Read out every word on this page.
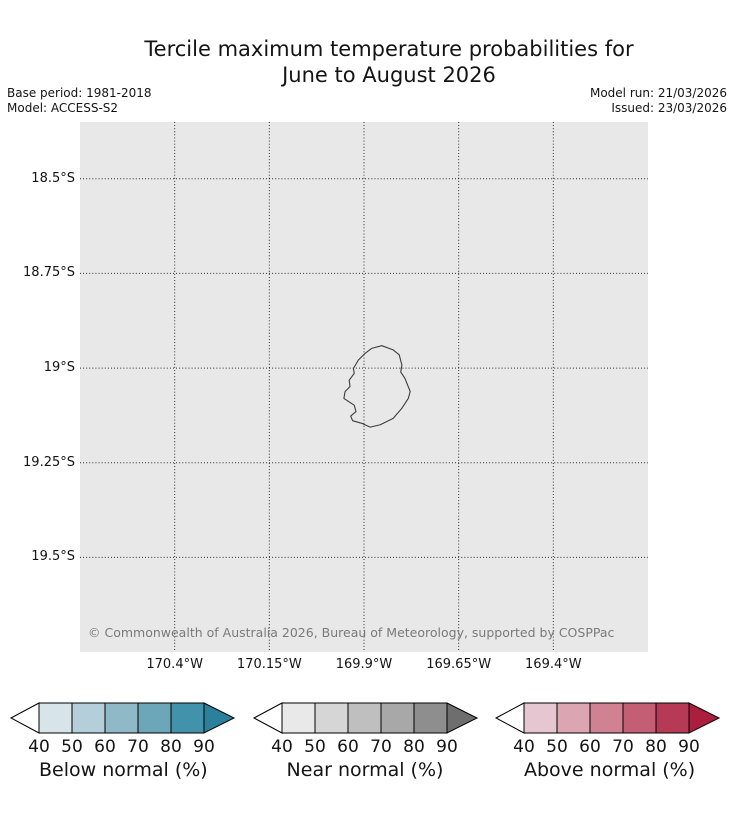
Tercile maximum temperature probabilities for
June to August 2026
Base period: 1981-2018
Model: ACCESS-S2
Model run: 21/03/2026
Issued: 23/03/2026
© Commonwealth of Australia 2026, Bureau of Meteorology, supported by COSPPac
170.4°W	170.15°W	169.9°W	169.65°W	169.4°W
18.5°S
18.75°S
19°S
19.25°S
19.5°S
40 50 60 70 80 90
Below normal (%)
40 50 60 70 80 90
Near normal (%)
40 50 60 70 80 90
Above normal (%)
